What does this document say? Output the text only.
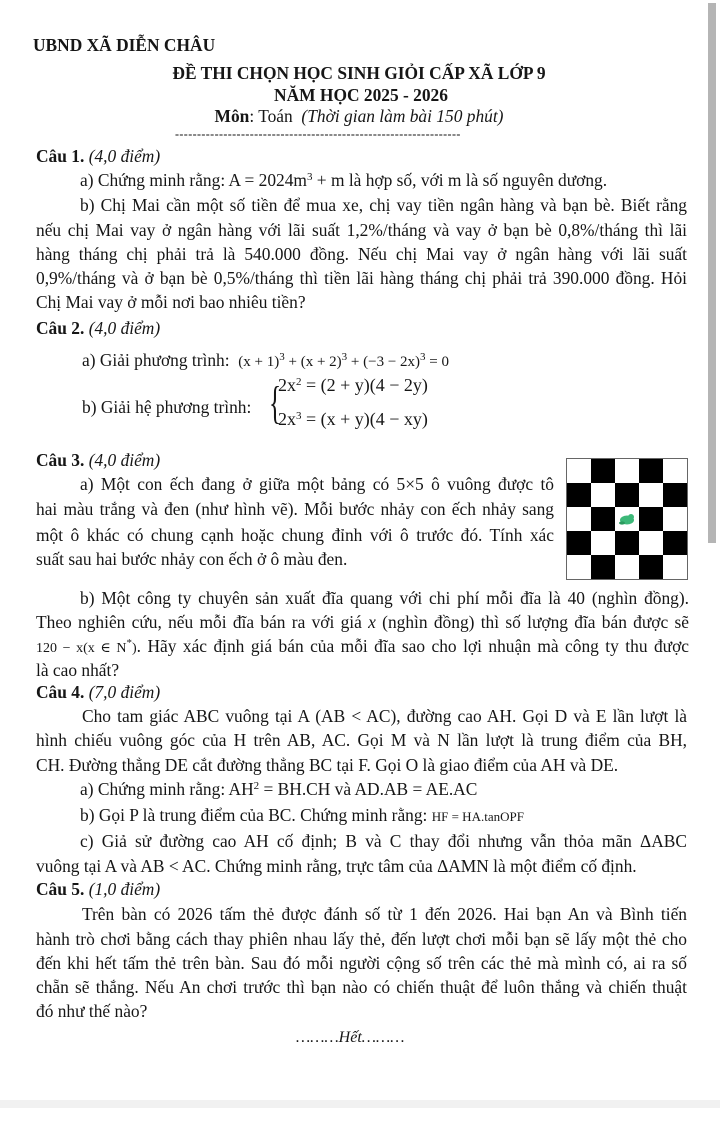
UBND XÃ DIỄN CHÂU
ĐỀ THI CHỌN HỌC SINH GIỎI CẤP XÃ LỚP 9
NĂM HỌC 2025 - 2026
Môn: Toán (Thời gian làm bài 150 phút)
-----------------------------------------------------------------
Câu 1. (4,0 điểm)
a) Chứng minh rằng: $A = 2024m^3 + m$ là hợp số, với m là số nguyên dương.
b) Chị Mai cần một số tiền để mua xe, chị vay tiền ngân hàng và bạn bè. Biết rằng
nếu chị Mai vay ở ngân hàng với lãi suất 1,2%/tháng và vay ở bạn bè 0,8%/tháng thì lãi
hàng tháng chị phải trả là 540.000 đồng. Nếu chị Mai vay ở ngân hàng với lãi suất
0,9%/tháng và ở bạn bè 0,5%/tháng thì tiền lãi hàng tháng chị phải trả 390.000 đồng. Hỏi
Chị Mai vay ở mỗi nơi bao nhiêu tiền?
Câu 2. (4,0 điểm)
a) Giải phương trình: $(x + 1)^3 + (x + 2)^3 + (-3 - 2x)^3 = 0$
b) Giải hệ phương trình: {
$2x^2 = (2 + y)(4 - 2y)$
$2x^3 = (x + y)(4 - xy)$
Câu 3. (4,0 điểm)
a) Một con ếch đang ở giữa một bảng có 5×5 ô vuông được tô
hai màu trắng và đen (như hình vẽ). Mỗi bước nhảy con ếch nhảy sang
một ô khác có chung cạnh hoặc chung đỉnh với ô trước đó. Tính xác
suất sau hai bước nhảy con ếch ở ô màu đen.
b) Một công ty chuyên sản xuất đĩa quang với chi phí mỗi đĩa là 40 (nghìn đồng).
Theo nghiên cứu, nếu mỗi đĩa bán ra với giá x (nghìn đồng) thì số lượng đĩa bán được sẽ
120 − x(x ∈ N*). Hãy xác định giá bán của mỗi đĩa sao cho lợi nhuận mà công ty thu được
là cao nhất?
Câu 4. (7,0 điểm)
Cho tam giác ABC vuông tại A (AB < AC), đường cao AH. Gọi D và E lần lượt là
hình chiếu vuông góc của H trên AB, AC. Gọi M và N lần lượt là trung điểm của BH,
CH. Đường thẳng DE cắt đường thẳng BC tại F. Gọi O là giao điểm của AH và DE.
a) Chứng minh rằng: $AH^2 = BH.CH$ và AD.AB = AE.AC
b) Gọi P là trung điểm của BC. Chứng minh rằng: HF = HA.tanOPF
c) Giả sử đường cao AH cố định; B và C thay đổi nhưng vẫn thỏa mãn ΔABC
vuông tại A và AB < AC. Chứng minh rằng, trực tâm của ΔAMN là một điểm cố định.
Câu 5. (1,0 điểm)
Trên bàn có 2026 tấm thẻ được đánh số từ 1 đến 2026. Hai bạn An và Bình tiến
hành trò chơi bằng cách thay phiên nhau lấy thẻ, đến lượt chơi mỗi bạn sẽ lấy một thẻ cho
đến khi hết tấm thẻ trên bàn. Sau đó mỗi người cộng số trên các thẻ mà mình có, ai ra số
chẵn sẽ thắng. Nếu An chơi trước thì bạn nào có chiến thuật để luôn thắng và chiến thuật
đó như thế nào?
………Hết………
